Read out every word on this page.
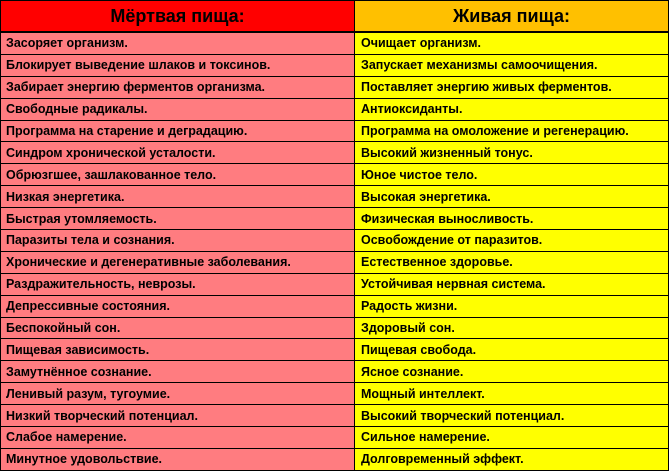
Мёртвая пища:	Живая пища:
Засоряет организм.	Очищает организм.
Блокирует выведение шлаков и токсинов.	Запускает механизмы самоочищения.
Забирает энергию ферментов организма.	Поставляет энергию живых ферментов.
Свободные радикалы.	Антиоксиданты.
Программа на старение и деградацию.	Программа на омоложение и регенерацию.
Синдром хронической усталости.	Высокий жизненный тонус.
Обрюзгшее, зашлакованное тело.	Юное чистое тело.
Низкая энергетика.	Высокая энергетика.
Быстрая утомляемость.	Физическая выносливость.
Паразиты тела и сознания.	Освобождение от паразитов.
Хронические и дегенеративные заболевания.	Естественное здоровье.
Раздражительность, неврозы.	Устойчивая нервная система.
Депрессивные состояния.	Радость жизни.
Беспокойный сон.	Здоровый сон.
Пищевая зависимость.	Пищевая свобода.
Замутнённое сознание.	Ясное сознание.
Ленивый разум, тугоумие.	Мощный интеллект.
Низкий творческий потенциал.	Высокий творческий потенциал.
Слабое намерение.	Сильное намерение.
Минутное удовольствие.	Долговременный эффект.
